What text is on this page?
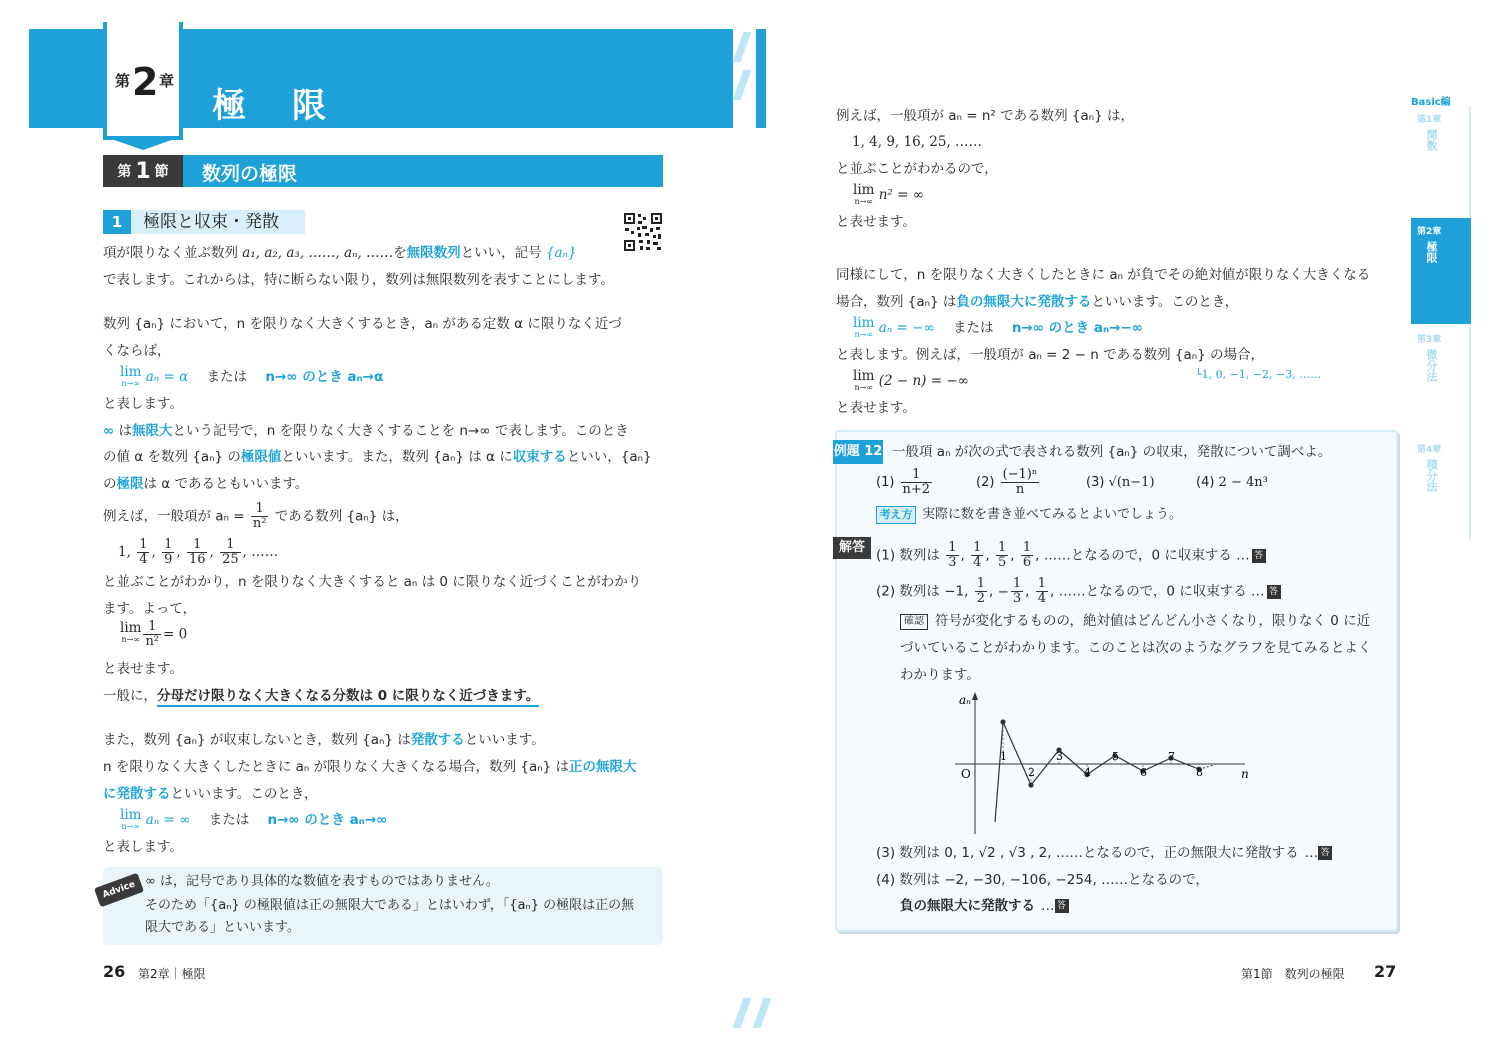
第 2 章
極　限
第 1 節 数列の極限
1	極限と収束・発散
項が限りなく並ぶ数列 a₁, a₂, a₃, ……, aₙ, ……を無限数列といい，記号 {aₙ}
で表します。これからは，特に断らない限り，数列は無限数列を表すことにします。
数列 {aₙ} において，n を限りなく大きくするとき，aₙ がある定数 α に限りなく近づ
くならば，
lim
n→∞ aₙ = α または n→∞ のとき aₙ→α
と表します。
∞ は無限大という記号で，n を限りなく大きくすることを n→∞ で表します。このとき
の値 α を数列 {aₙ} の極限値といいます。また，数列 {aₙ} は α に収束するといい，{aₙ}
の極限は α であるともいいます。
例えば，一般項が $a_n = \frac{1}{\text{n²}}$ である数列 {aₙ} は，
1, $\frac{1}{4}$ , $\frac{1}{9}$ , $\frac{1}{16}$ , $\frac{1}{25}$ , ……
と並ぶことがわかり，n を限りなく大きくすると aₙ は 0 に限りなく近づくことがわかり
ます。よって，
lim
$n\to\infty \frac{1}{\text{n²}} = 0$
と表せます。
一般に，分母だけ限りなく大きくなる分数は 0 に限りなく近づきます。
また，数列 {aₙ} が収束しないとき，数列 {aₙ} は発散するといいます。
n を限りなく大きくしたときに aₙ が限りなく大きくなる場合，数列 {aₙ} は正の無限大
に発散するといいます。このとき，
lim
n→∞ aₙ = ∞ または n→∞ のとき aₙ→∞
と表します。
Advice ∞ は，記号であり具体的な数値を表すものではありません。
そのため「{aₙ} の極限値は正の無限大である」とはいわず，「{aₙ} の極限は正の無
限大である」といいます。
26 第2章｜極限
例えば，一般項が aₙ = n² である数列 {aₙ} は，
1, 4, 9, 16, 25, ……
と並ぶことがわかるので，
lim
n→∞ n² = ∞
と表せます。
同様にして，n を限りなく大きくしたときに aₙ が負でその絶対値が限りなく大きくなる
場合，数列 {aₙ} は負の無限大に発散するといいます。このとき，
lim
n→∞ aₙ = −∞ または n→∞ のとき aₙ→−∞
と表します。例えば，一般項が aₙ = 2 − n である数列 {aₙ} の場合，
lim
n→∞ (2 − n) = −∞	└1, 0, −1, −2, −3, ……
と表せます。
例題 12 一般項 aₙ が次の式で表される数列 {aₙ} の収束，発散について調べよ。
$(1) \frac{1}{n+2}$	$(2) \frac{\text{(−1)ⁿ}}{n}$	(3) √(n−1)	(4) 2 − 4n³
考え方 実際に数を書き並べてみるとよいでしょう。
解答 (1) 数列は $\frac{1}{3}$ , $\frac{1}{4}$ , $\frac{1}{5}$ , $\frac{1}{6}$ , ……となるので，0 に収束する … 答
(2) 数列は −1, $\frac{1}{2}$ , − $\frac{1}{3}$ , $\frac{1}{4}$ , ……となるので，0 に収束する … 答
確認 符号が変化するものの，絶対値はどんどん小さくなり，限りなく 0 に近
づいていることがわかります。このことは次のようなグラフを見てみるとよく
わかります。
aₙ
n
O
1
2
3
4
5
6
7
8
(3) 数列は 0, 1, √2 , √3 , 2, ……となるので，正の無限大に発散する … 答
(4) 数列は −2, −30, −106, −254, ……となるので，
負の無限大に発散する … 答
第1節　数列の極限 27
Basic編
第1章
関数
第2章
極限
第3章
微分法
第4章
積分法
